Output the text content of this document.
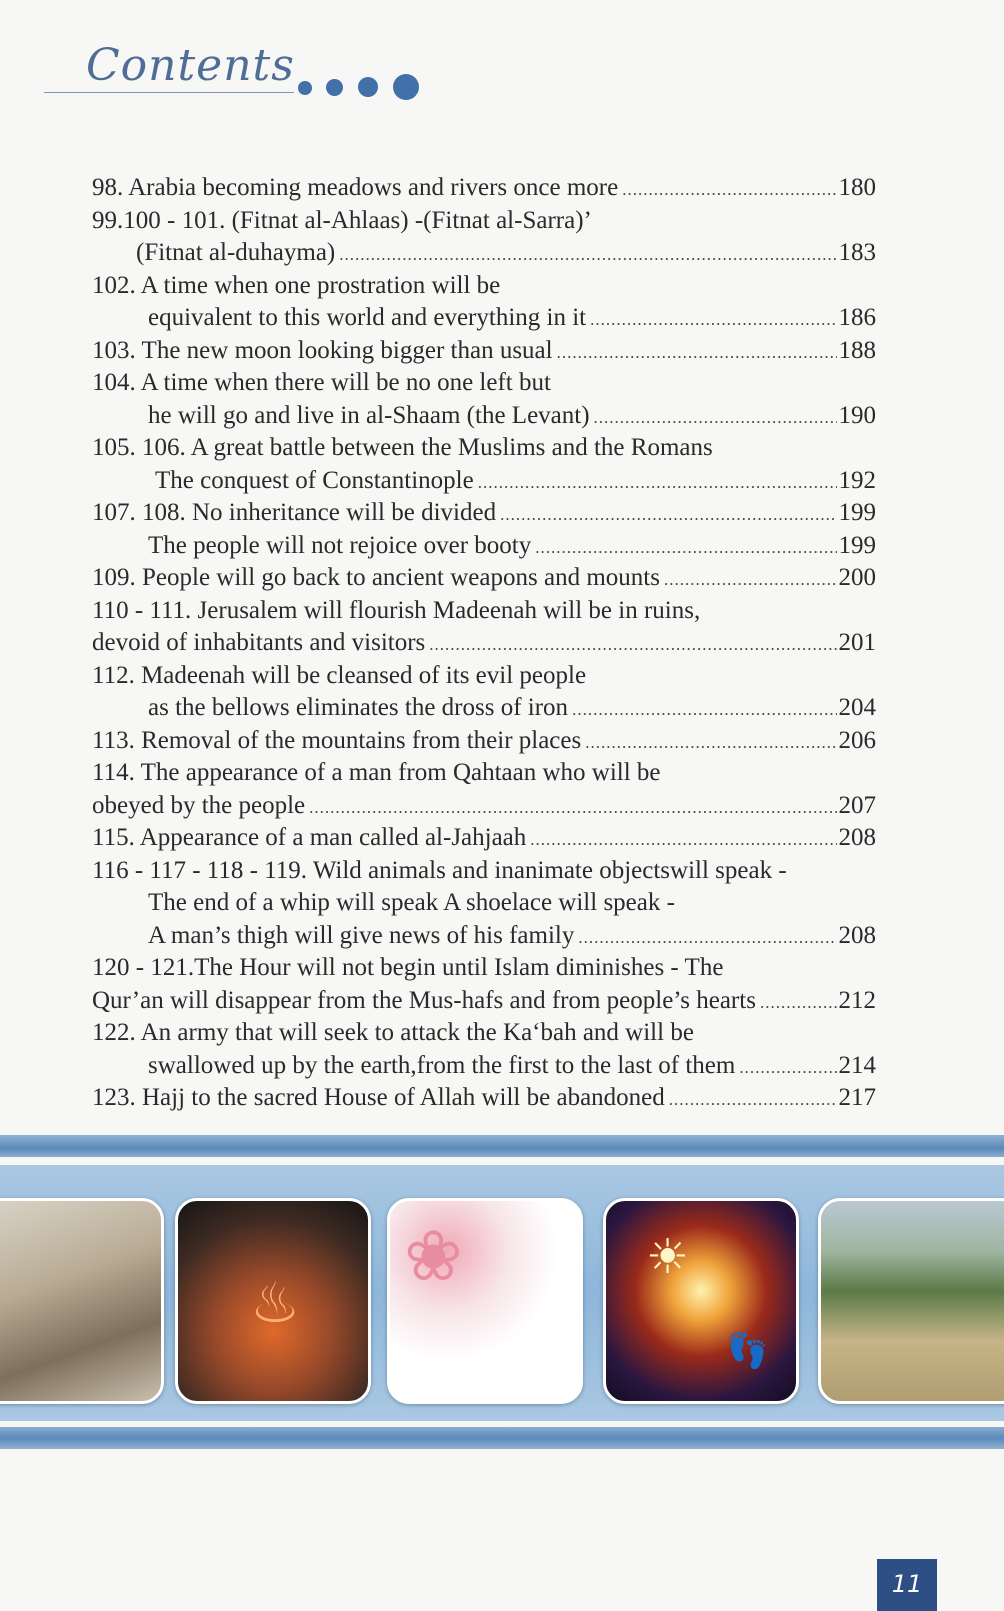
Contents
98. Arabia becoming meadows and rivers once more .....	180
99.100 - 101. (Fitnat al-Ahlaas) -(Fitnat al-Sarra)’
(Fitnat al-duhayma) .....	183
102. A time when one prostration will be
equivalent to this world and everything in it .....	186
103. The new moon looking bigger than usual .....	188
104. A time when there will be no one left but
he will go and live in al-Shaam (the Levant) .....	190
105. 106. A great battle between the Muslims and the Romans
The conquest of Constantinople .....	192
107. 108. No inheritance will be divided .....	199
The people will not rejoice over booty .....	199
109. People will go back to ancient weapons and mounts .....	200
110 - 111. Jerusalem will flourish Madeenah will be in ruins,
devoid of inhabitants and visitors .....	201
112. Madeenah will be cleansed of its evil people
as the bellows eliminates the dross of iron .....	204
113. Removal of the mountains from their places .....	206
114. The appearance of a man from Qahtaan who will be
obeyed by the people .....	207
115. Appearance of a man called al-Jahjaah .....	208
116 - 117 - 118 - 119. Wild animals and inanimate objectswill speak -
The end of a whip will speak A shoelace will speak -
A man’s thigh will give news of his family .....	208
120 - 121.The Hour will not begin until Islam diminishes - The
Qur’an will disappear from the Mus-hafs and from people’s hearts .....	212
122. An army that will seek to attack the Ka‘bah and will be
swallowed up by the earth,from the first to the last of them .....	214
123. Hajj to the sacred House of Allah will be abandoned .....	217
♨
❀	☀
👣
11
